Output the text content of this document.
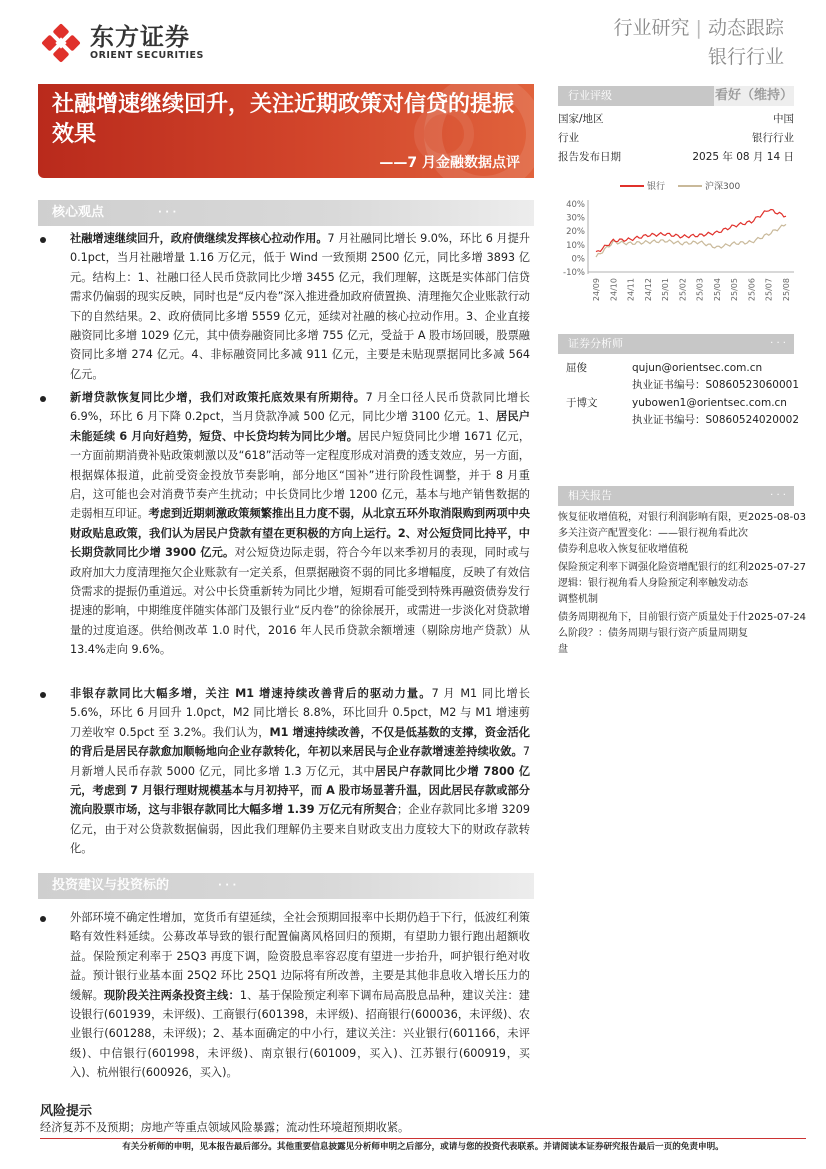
东方证券
ORIENT SECURITIES
行业研究 | 动态跟踪
银行行业
社融增速继续回升，关注近期政策对信贷的提振效果
——7 月金融数据点评
行业评级	看好（维持）
国家/地区	中国
行业	银行行业
报告发布日期	2025 年 08 月 14 日
银行	沪深300
40%
30%
20%
10%
0%
-10%
24/09 24/10 24/11 24/12 25/01 25/02 25/03 25/04 25/05 25/06 25/07 25/08
证券分析师	· · ·
屈俊	qujun@orientsec.com.cn
执业证书编号：S0860523060001
于博文	yubowen1@orientsec.com.cn
执业证书编号：S0860524020002
相关报告	· · ·
恢复征收增值税，对银行利润影响有限，更多关注资产配置变化：——银行视角看此次债券利息收入恢复征收增值税
2025-08-03
保险预定利率下调强化险资增配银行的红利逻辑：银行视角看人身险预定利率触发动态调整机制
2025-07-27
债务周期视角下，目前银行资产质量处于什么阶段？：债务周期与银行资产质量周期复盘
2025-07-24
核心观点	· · ·
社融增速继续回升，政府债继续发挥核心拉动作用。7 月社融同比增长 9.0%，环比 6 月提升 0.1pct，当月社融增量 1.16 万亿元，低于 Wind 一致预期 2500 亿元，同比多增 3893 亿元。结构上：1、社融口径人民币贷款同比少增 3455 亿元，我们理解，这既是实体部门信贷需求仍偏弱的现实反映，同时也是“反内卷”深入推进叠加政府债置换、清理拖欠企业账款行动下的自然结果。2、政府债同比多增 5559 亿元，延续对社融的核心拉动作用。3、企业直接融资同比多增 1029 亿元，其中债券融资同比多增 755 亿元，受益于 A 股市场回暖，股票融资同比多增 274 亿元。4、非标融资同比多减 911 亿元，主要是未贴现票据同比多减 564 亿元。
新增贷款恢复同比少增，我们对政策托底效果有所期待。7 月全口径人民币贷款同比增长 6.9%，环比 6 月下降 0.2pct，当月贷款净减 500 亿元，同比少增 3100 亿元。1、居民户未能延续 6 月向好趋势，短贷、中长贷均转为同比少增。居民户短贷同比少增 1671 亿元，一方面前期消费补贴政策刺激以及“618”活动等一定程度形成对消费的透支效应，另一方面，根据媒体报道，此前受资金投放节奏影响，部分地区“国补”进行阶段性调整，并于 8 月重启，这可能也会对消费节奏产生扰动；中长贷同比少增 1200 亿元，基本与地产销售数据的走弱相互印证。考虑到近期刺激政策频繁推出且力度不弱，从北京五环外取消限购到两项中央财政贴息政策，我们认为居民户贷款有望在更积极的方向上运行。2、对公短贷同比持平，中长期贷款同比少增 3900 亿元。对公短贷边际走弱，符合今年以来季初月的表现，同时或与政府加大力度清理拖欠企业账款有一定关系，但票据融资不弱的同比多增幅度，反映了有效信贷需求的提振仍重道远。对公中长贷重新转为同比少增，短期看可能受到特殊再融资债券发行提速的影响，中期维度伴随实体部门及银行业“反内卷”的徐徐展开，或需进一步淡化对贷款增量的过度追逐。供给侧改革 1.0 时代，2016 年人民币贷款余额增速（剔除房地产贷款）从 13.4%走向 9.6%。
非银存款同比大幅多增，关注 M1 增速持续改善背后的驱动力量。7 月 M1 同比增长 5.6%，环比 6 月回升 1.0pct，M2 同比增长 8.8%，环比回升 0.5pct，M2 与 M1 增速剪刀差收窄 0.5pct 至 3.2%。我们认为，M1 增速持续改善，不仅是低基数的支撑，资金活化的背后是居民存款愈加顺畅地向企业存款转化，年初以来居民与企业存款增速差持续收敛。7 月新增人民币存款 5000 亿元，同比多增 1.3 万亿元，其中居民户存款同比少增 7800 亿元，考虑到 7 月银行理财规模基本与月初持平，而 A 股市场显著升温，因此居民存款或部分流向股票市场，这与非银存款同比大幅多增 1.39 万亿元有所契合；企业存款同比多增 3209 亿元，由于对公贷款数据偏弱，因此我们理解仍主要来自财政支出力度较大下的财政存款转化。
投资建议与投资标的	· · ·
外部环境不确定性增加，宽货币有望延续，全社会预期回报率中长期仍趋于下行，低波红利策略有效性料延续。公募改革导致的银行配置偏离风格回归的预期，有望助力银行跑出超额收益。保险预定利率于 25Q3 再度下调，险资股息率容忍度有望进一步抬升，呵护银行绝对收益。预计银行业基本面 25Q2 环比 25Q1 边际将有所改善，主要是其他非息收入增长压力的缓解。现阶段关注两条投资主线：1、基于保险预定利率下调布局高股息品种，建议关注：建设银行(601939，未评级)、工商银行(601398，未评级)、招商银行(600036，未评级)、农业银行(601288，未评级)；2、基本面确定的中小行，建议关注：兴业银行(601166，未评级)、中信银行(601998，未评级)、南京银行(601009，买入)、江苏银行(600919，买入)、杭州银行(600926，买入)。
风险提示
经济复苏不及预期；房地产等重点领域风险暴露；流动性环境超预期收紧。
有关分析师的申明，见本报告最后部分。其他重要信息披露见分析师申明之后部分，或请与您的投资代表联系。并请阅读本证券研究报告最后一页的免责申明。
